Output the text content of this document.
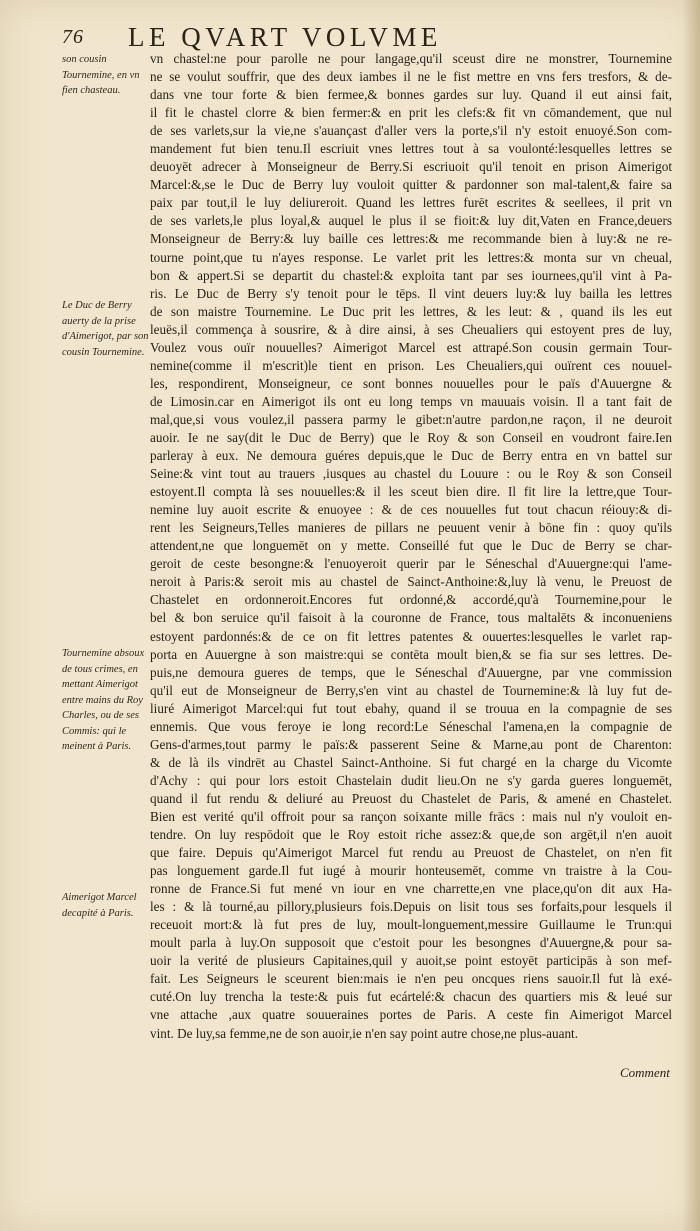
76 LE QVART VOLVME
son cousin Tournemine, en vn fien chasteau.
Le Duc de Berry auerty de la prise d'Aimerigot, par son cousin Tournemine.
Tournemine absoux de tous crimes, en mettant Aimerigot entre mains du Roy Charles, ou de ses Commis: qui le meinent à Paris.
Aimerigot Marcel decapité à Paris.
vn chastel:ne pour parolle ne pour langage,qu'il sceust dire ne monstrer, Tournemine
ne se voulut souffrir, que des deux iambes il ne le fist mettre en vns fers tresfors, & de-
dans vne tour forte & bien fermee,& bonnes gardes sur luy. Quand il eut ainsi fait,
il fit le chastel clorre & bien fermer:& en prit les clefs:& fit vn cōmandement, que nul
de ses varlets,sur la vie,ne s'auançast d'aller vers la porte,s'il n'y estoit enuoyé.Son com-
mandement fut bien tenu.Il escriuit vnes lettres tout à sa voulonté:lesquelles lettres se
deuoyēt adrecer à Monseigneur de Berry.Si escriuoit qu'il tenoit en prison Aimerigot
Marcel:&,se le Duc de Berry luy vouloit quitter & pardonner son mal-talent,& faire sa
paix par tout,il le luy deliureroit. Quand les lettres furēt escrites & seellees, il prit vn
de ses varlets,le plus loyal,& auquel le plus il se fioit:& luy dit,Vaten en France,deuers
Monseigneur de Berry:& luy baille ces lettres:& me recommande bien à luy:& ne re-
tourne point,que tu n'ayes response. Le varlet prit les lettres:& monta sur vn cheual,
bon & appert.Si se departit du chastel:& exploita tant par ses iournees,qu'il vint à Pa-
ris. Le Duc de Berry s'y tenoit pour le tēps. Il vint deuers luy:& luy bailla les lettres
de son maistre Tournemine. Le Duc prit les lettres, & les leut: & , quand ils les eut
leuës,il commença à sousrire, & à dire ainsi, à ses Cheualiers qui estoyent pres de luy,
Voulez vous ouïr nouuelles? Aimerigot Marcel est attrapé.Son cousin germain Tour-
nemine(comme il m'escrit)le tient en prison. Les Cheualiers,qui ouïrent ces nouuel-
les, respondirent, Monseigneur, ce sont bonnes nouuelles pour le païs d'Auuergne &
de Limosin.car en Aimerigot ils ont eu long temps vn mauuais voisin. Il a tant fait de
mal,que,si vous voulez,il passera parmy le gibet:n'autre pardon,ne raçon, il ne deuroit
auoir. Ie ne say(dit le Duc de Berry) que le Roy & son Conseil en voudront faire.Ien
parleray à eux. Ne demoura guéres depuis,que le Duc de Berry entra en vn battel sur
Seine:& vint tout au trauers ,iusques au chastel du Louure : ou le Roy & son Conseil
estoyent.Il compta là ses nouuelles:& il les sceut bien dire. Il fit lire la lettre,que Tour-
nemine luy auoit escrite & enuoyee : & de ces nouuelles fut tout chacun réiouy:& di-
rent les Seigneurs,Telles manieres de pillars ne peuuent venir à bōne fin : quoy qu'ils
attendent,ne que longuemēt on y mette. Conseillé fut que le Duc de Berry se char-
geroit de ceste besongne:& l'enuoyeroit querir par le Séneschal d'Auuergne:qui l'ame-
neroit à Paris:& seroit mis au chastel de Sainct-Anthoine:&,luy là venu, le Preuost de
Chastelet en ordonneroit.Encores fut ordonné,& accordé,qu'à Tournemine,pour le
bel & bon seruice qu'il faisoit à la couronne de France, tous maltalēts & inconueniens
estoyent pardonnés:& de ce on fit lettres patentes & ouuertes:lesquelles le varlet rap-
porta en Auuergne à son maistre:qui se contēta moult bien,& se fia sur ses lettres. De-
puis,ne demoura gueres de temps, que le Séneschal d'Auuergne, par vne commission
qu'il eut de Monseigneur de Berry,s'en vint au chastel de Tournemine:& là luy fut de-
liuré Aimerigot Marcel:qui fut tout ebahy, quand il se trouua en la compagnie de ses
ennemis. Que vous feroye ie long record:Le Séneschal l'amena,en la compagnie de
Gens-d'armes,tout parmy le païs:& passerent Seine & Marne,au pont de Charenton:
& de là ils vindrēt au Chastel Sainct-Anthoine. Si fut chargé en la charge du Vicomte
d'Achy : qui pour lors estoit Chastelain dudit lieu.On ne s'y garda gueres longuemēt,
quand il fut rendu & deliuré au Preuost du Chastelet de Paris, & amené en Chastelet.
Bien est verité qu'il offroit pour sa rançon soixante mille frācs : mais nul n'y vouloit en-
tendre. On luy respōdoit que le Roy estoit riche assez:& que,de son argēt,il n'en auoit
que faire. Depuis qu'Aimerigot Marcel fut rendu au Preuost de Chastelet, on n'en fit
pas longuement garde.Il fut iugé à mourir honteusemēt, comme vn traistre à la Cou-
ronne de France.Si fut mené vn iour en vne charrette,en vne place,qu'on dit aux Ha-
les : & là tourné,au pillory,plusieurs fois.Depuis on lisit tous ses forfaits,pour lesquels il
receuoit mort:& là fut pres de luy, moult-longuement,messire Guillaume le Trun:qui
moult parla à luy.On supposoit que c'estoit pour les besongnes d'Auuergne,& pour sa-
uoir la verité de plusieurs Capitaines,quil y auoit,se point estoyēt participās à son mef-
fait. Les Seigneurs le sceurent bien:mais ie n'en peu oncques riens sauoir.Il fut là exé-
cuté.On luy trencha la teste:& puis fut ecártelé:& chacun des quartiers mis & leué sur
vne attache ,aux quatre souueraines portes de Paris. A ceste fin Aimerigot Marcel
vint. De luy,sa femme,ne de son auoir,ie n'en say point autre chose,ne plus-auant.
Comment
